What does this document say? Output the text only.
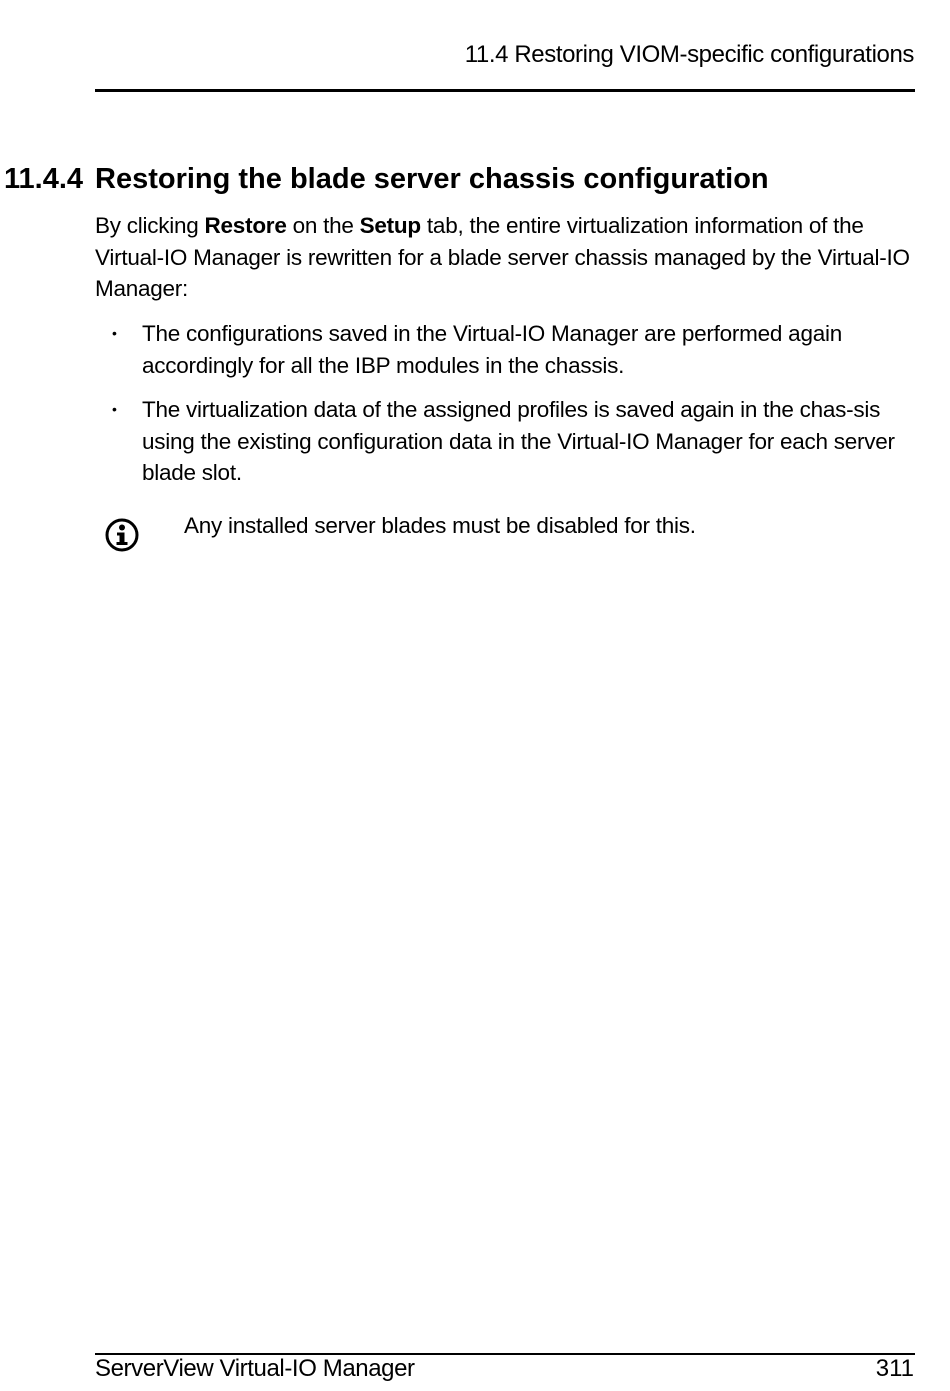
11.4 Restoring VIOM-specific configurations
11.4.4 Restoring the blade server chassis configuration

By clicking Restore on the Setup tab, the entire virtualization information of the Virtual-IO Manager is rewritten for a blade server chassis managed by the Virtual-IO Manager:

• The configurations saved in the Virtual-IO Manager are performed again accordingly for all the IBP modules in the chassis.
• The virtualization data of the assigned profiles is saved again in the chas-sis using the existing configuration data in the Virtual-IO Manager for each server blade slot.
Any installed server blades must be disabled for this.
ServerView Virtual-IO Manager	311
